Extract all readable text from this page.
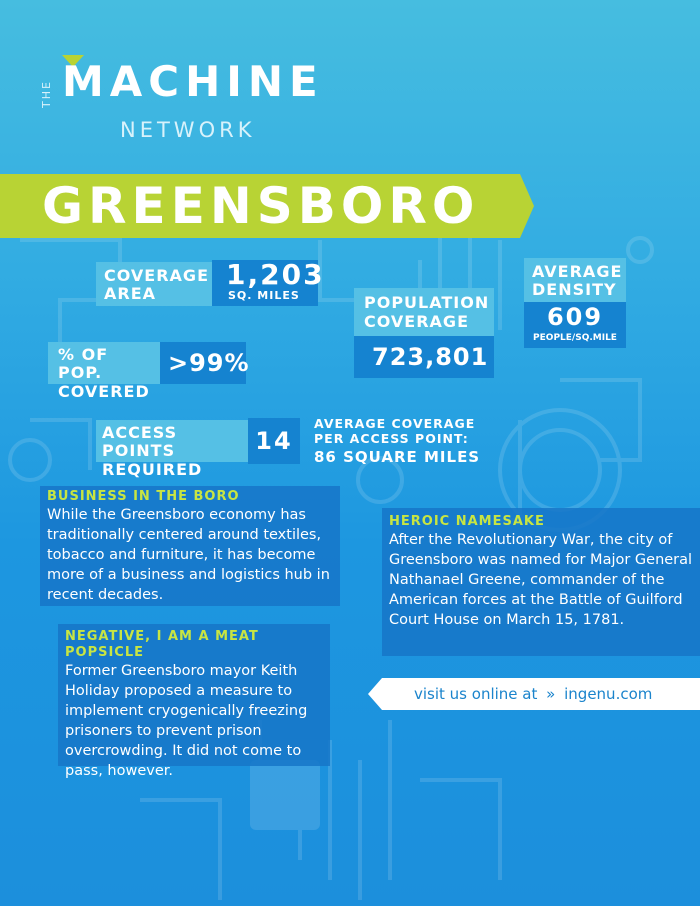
THE MACHINE
NETWORK
GREENSBORO
COVERAGE
AREA
1,203
SQ. MILES	POPULATION
COVERAGE
723,801
AVERAGE
DENSITY
609
PEOPLE/SQ.MILE
% OF POP.
COVERED
>99%
ACCESS POINTS
REQUIRED
14
AVERAGE COVERAGE
PER ACCESS POINT:
86 SQUARE MILES
BUSINESS IN THE BORO
While the Greensboro economy has traditionally centered around textiles, tobacco and furniture, it has become more of a business and logistics hub in recent decades.
HEROIC NAMESAKE
After the Revolutionary War, the city of Greensboro was named for Major General Nathanael Greene, commander of the American forces at the Battle of Guilford Court House on March 15, 1781.
NEGATIVE, I AM A MEAT POPSICLE
Former Greensboro mayor Keith Holiday proposed a measure to implement cryogenically freezing prisoners to prevent prison overcrowding. It did not come to pass, however.
visit us online at » ingenu.com
